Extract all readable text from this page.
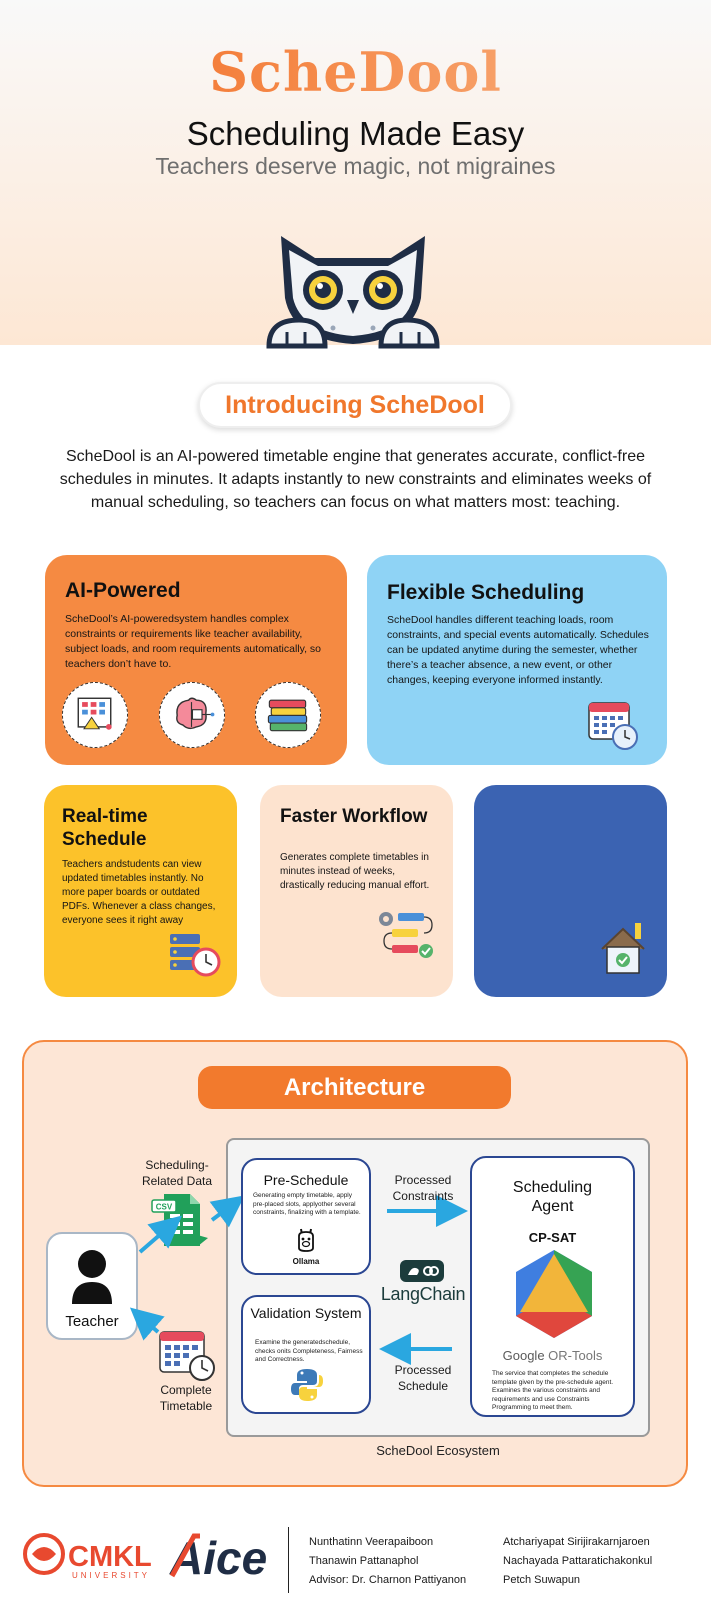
ScheDool
Scheduling Made Easy
Teachers deserve magic, not migraines
Introducing ScheDool
ScheDool is an AI-powered timetable engine that generates accurate, conflict-free schedules in minutes. It adapts instantly to new constraints and eliminates weeks of manual scheduling, so teachers can focus on what matters most: teaching.
AI-Powered

ScheDool’s AI-poweredsystem handles complex constraints or requirements like teacher availability, subject loads, and room requirements automatically, so teachers don’t have to.

Flexible Scheduling

ScheDool handles different teaching loads, room constraints, and special events automatically. Schedules can be updated anytime during the semester, whether there’s a teacher absence, a new event, or other changes, keeping everyone informed instantly.

Real-time Schedule

Teachers andstudents can view updated timetables instantly. No more paper boards or outdated PDFs. Whenever a class changes, everyone sees it right away

Faster Workflow

Generates complete timetables in minutes instead of weeks, drastically reducing manual effort.

Architecture
ScheDool Ecosystem
Teacher
Scheduling-Related Data
CSV
Complete Timetable
Pre-Schedule
Generating empty timetable, apply pre-placed slots, applyother several constraints, finalizing with a template.
Ollama
Validation System
Examine the generatedschedule, checks onits Completeness, Fairness and Correctness.
Processed Constraints
Processed Schedule
LangChain
Scheduling Agent
CP-SAT
Google OR-Tools
The service that completes the schedule template given by the pre-schedule agent. Examines the various constraints and requirements and use Constraints Programming to meet them.
CMKL
UNIVERSITY Aice	Nunthatinn Veerapaiboon
Thanawin Pattanaphol
Advisor: Dr. Charnon Pattiyanon
Atchariyapat Sirijirakarnjaroen
Nachayada Pattaratichakonkul
Petch Suwapun
